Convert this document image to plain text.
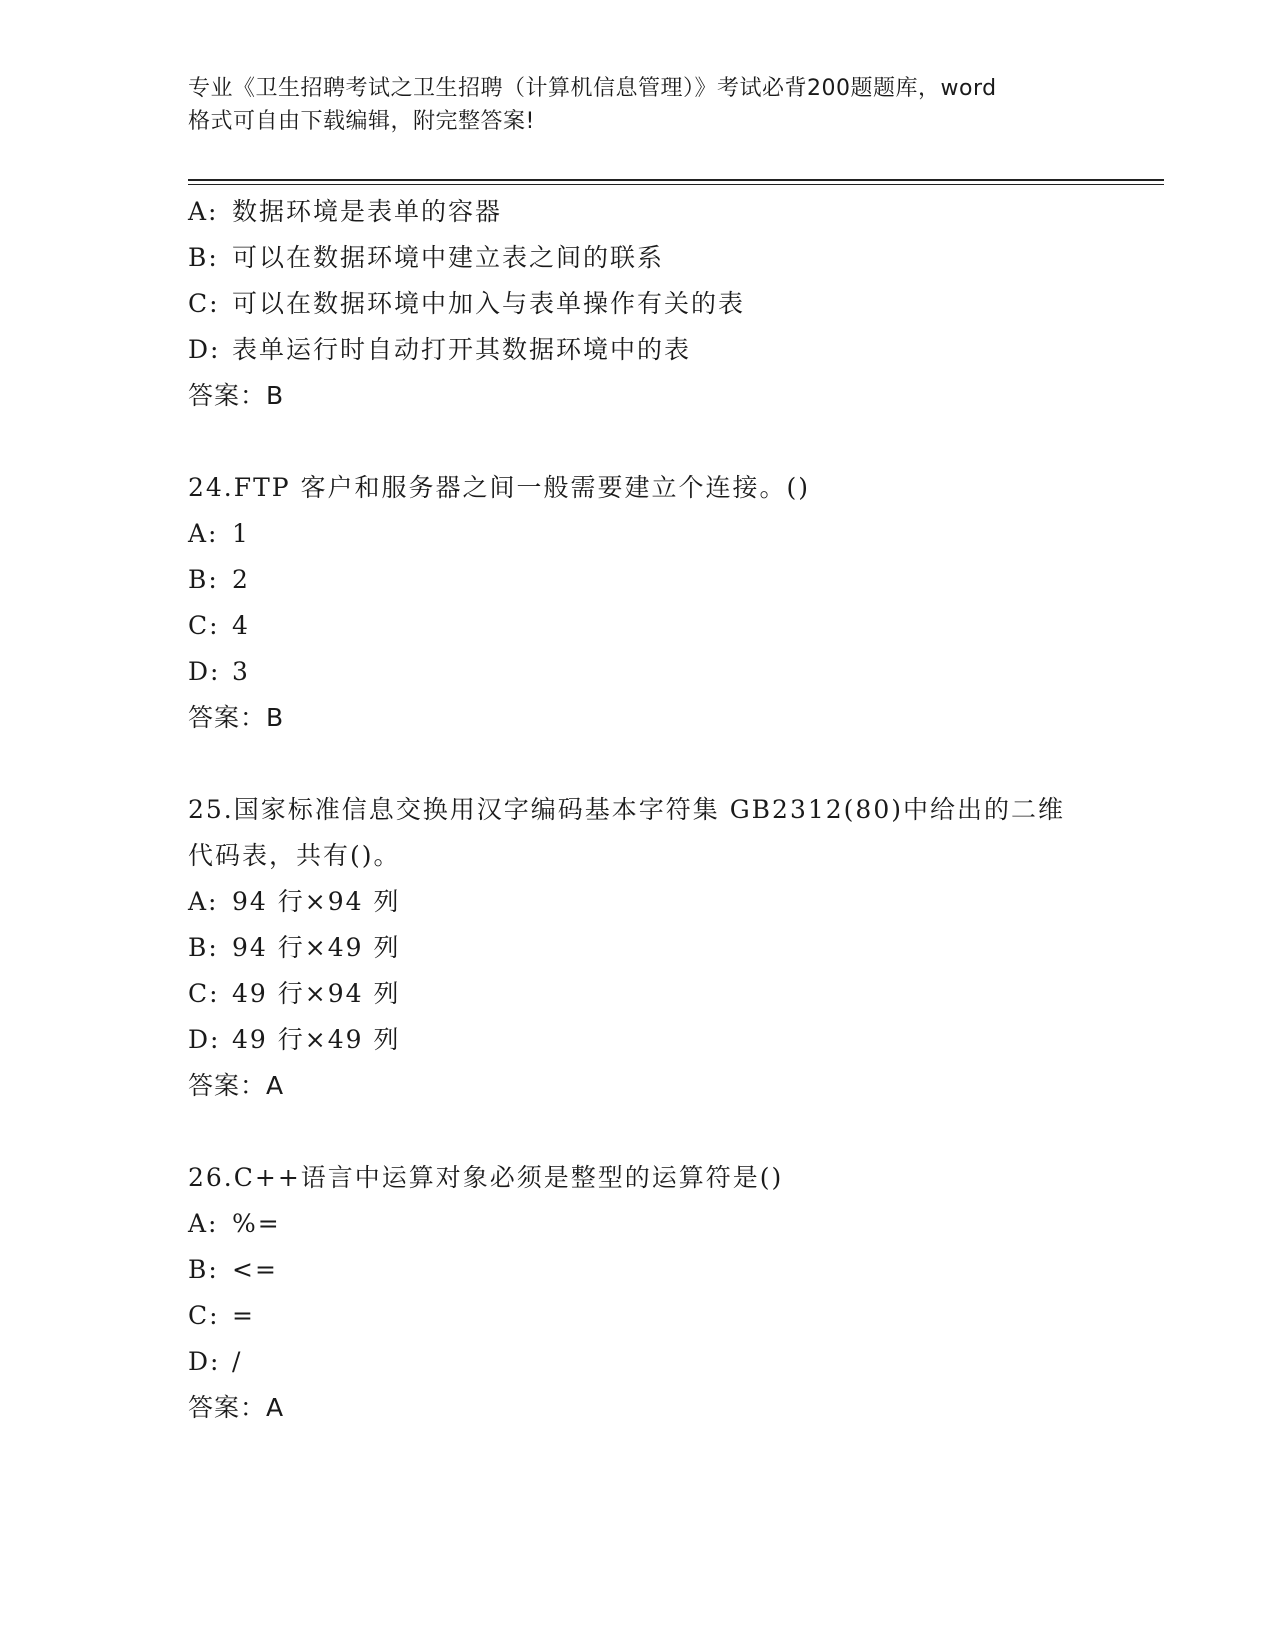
专业《卫生招聘考试之卫生招聘（计算机信息管理）》考试必背200题题库，word
格式可自由下载编辑，附完整答案!
A: 数据环境是表单的容器
B: 可以在数据环境中建立表之间的联系
C: 可以在数据环境中加入与表单操作有关的表
D: 表单运行时自动打开其数据环境中的表
答案：B
24.FTP 客户和服务器之间一般需要建立个连接。()
A: 1
B: 2
C: 4
D: 3
答案：B
25.国家标准信息交换用汉字编码基本字符集 GB2312(80)中给出的二维
代码表，共有()。
A: 94 行×94 列
B: 94 行×49 列
C: 49 行×94 列
D: 49 行×49 列
答案：A
26.C++语言中运算对象必须是整型的运算符是()
A: %=
B: <=
C: =
D: /
答案：A
